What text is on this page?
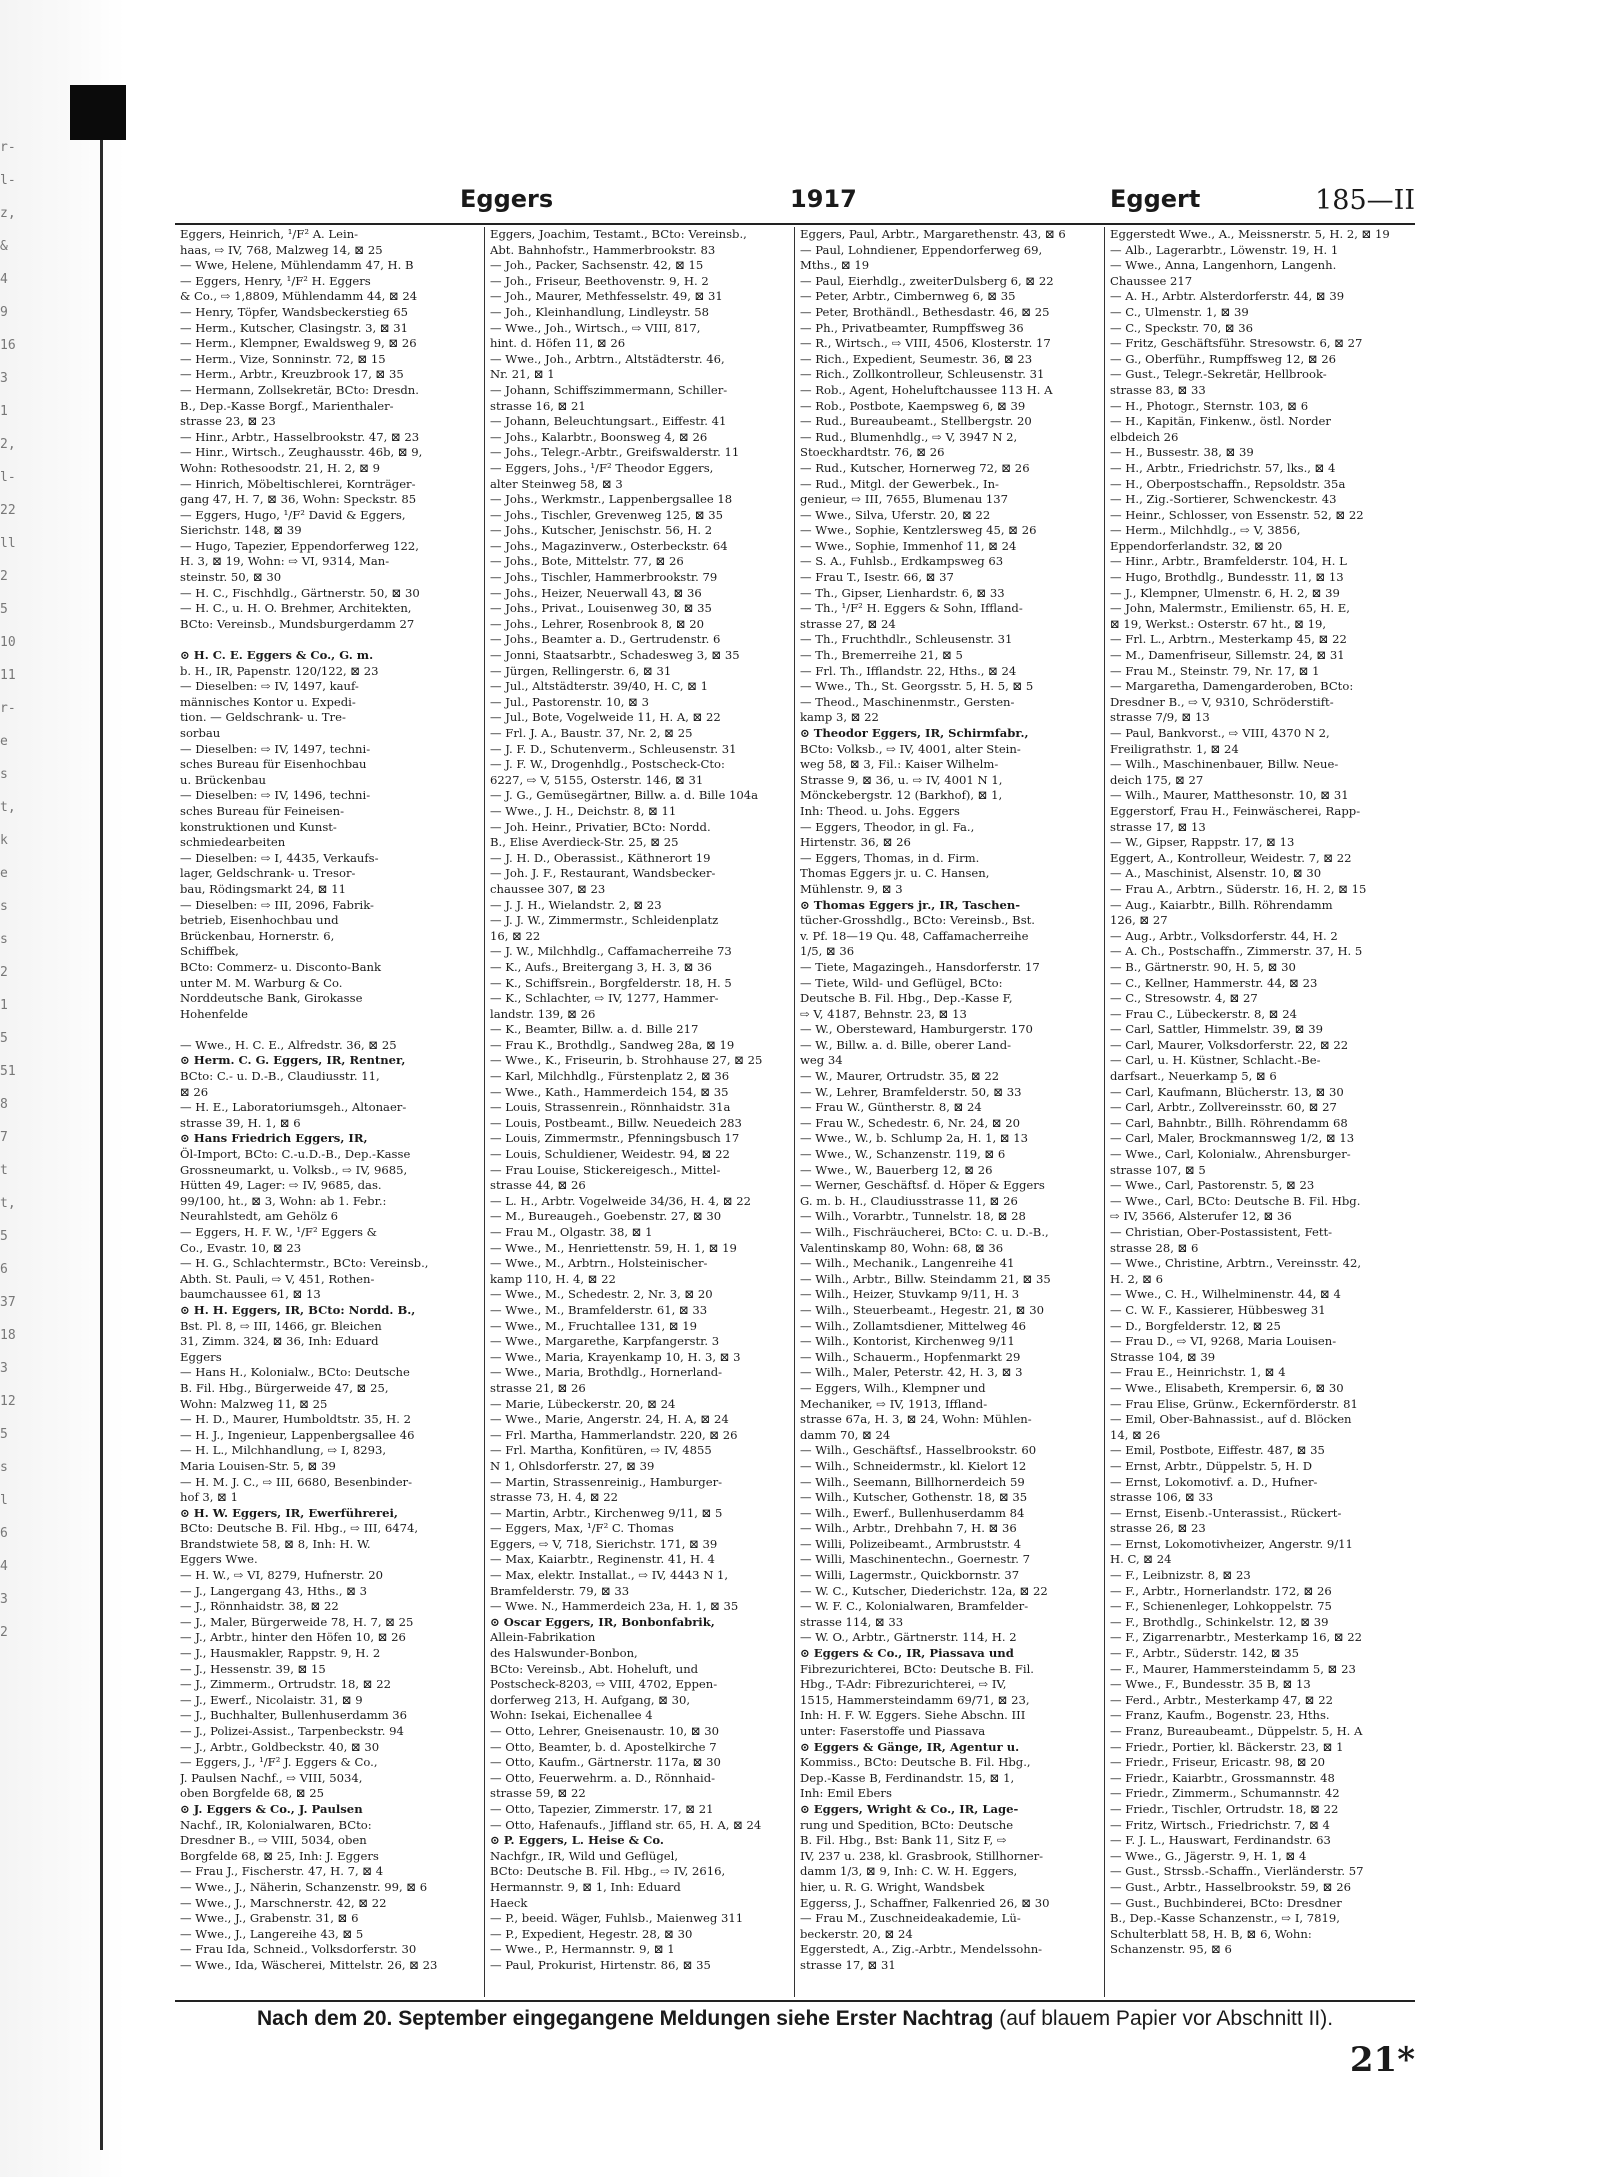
r-
l-
z,
&
4
9
16
3
1
2,
l-
22
ll
2
5
10
11
r-
e
s
t,
k
e
s
s
2
1
5
51
8
7
t
t,
5
6
37
18
3
12
5
s
l
6
4
3
2
Eggers	1917	Eggert	185—II
Eggers, Heinrich, ¹/F² A. Lein-
haas, ⇨ IV, 768, Malzweg 14, ⊠ 25
— Wwe, Helene, Mühlendamm 47, H. B
— Eggers, Henry, ¹/F² H. Eggers
& Co., ⇨ 1,8809, Mühlendamm 44, ⊠ 24
— Henry, Töpfer, Wandsbeckerstieg 65
— Herm., Kutscher, Clasingstr. 3, ⊠ 31
— Herm., Klempner, Ewaldsweg 9, ⊠ 26
— Herm., Vize, Sonninstr. 72, ⊠ 15
— Herm., Arbtr., Kreuzbrook 17, ⊠ 35
— Hermann, Zollsekretär, BCto: Dresdn.
B., Dep.-Kasse Borgf., Marienthaler-
strasse 23, ⊠ 23
— Hinr., Arbtr., Hasselbrookstr. 47, ⊠ 23
— Hinr., Wirtsch., Zeughausstr. 46b, ⊠ 9,
Wohn: Rothesoodstr. 21, H. 2, ⊠ 9
— Hinrich, Möbeltischlerei, Kornträger-
gang 47, H. 7, ⊠ 36, Wohn: Speckstr. 85
— Eggers, Hugo, ¹/F² David & Eggers,
Sierichstr. 148, ⊠ 39
— Hugo, Tapezier, Eppendorferweg 122,
H. 3, ⊠ 19, Wohn: ⇨ VI, 9314, Man-
steinstr. 50, ⊠ 30
— H. C., Fischhdlg., Gärtnerstr. 50, ⊠ 30
— H. C., u. H. O. Brehmer, Architekten,
BCto: Vereinsb., Mundsburgerdamm 27

⊙ H. C. E. Eggers & Co., G. m.
b. H., IR, Papenstr. 120/122, ⊠ 23
— Dieselben: ⇨ IV, 1497, kauf-
männisches Kontor u. Expedi-
tion. — Geldschrank- u. Tre-
sorbau
— Dieselben: ⇨ IV, 1497, techni-
sches Bureau für Eisenhochbau
u. Brückenbau
— Dieselben: ⇨ IV, 1496, techni-
sches Bureau für Feineisen-
konstruktionen und Kunst-
schmiedearbeiten
— Dieselben: ⇨ I, 4435, Verkaufs-
lager, Geldschrank- u. Tresor-
bau, Rödingsmarkt 24, ⊠ 11
— Dieselben: ⇨ III, 2096, Fabrik-
betrieb, Eisenhochbau und
Brückenbau, Hornerstr. 6,
Schiffbek,
BCto: Commerz- u. Disconto-Bank
unter M. M. Warburg & Co.
Norddeutsche Bank, Girokasse
Hohenfelde

— Wwe., H. C. E., Alfredstr. 36, ⊠ 25
⊙ Herm. C. G. Eggers, IR, Rentner,
BCto: C.- u. D.-B., Claudiusstr. 11,
⊠ 26
— H. E., Laboratoriumsgeh., Altonaer-
strasse 39, H. 1, ⊠ 6
⊙ Hans Friedrich Eggers, IR,
Öl-Import, BCto: C.-u.D.-B., Dep.-Kasse
Grossneumarkt, u. Volksb., ⇨ IV, 9685,
Hütten 49, Lager: ⇨ IV, 9685, das.
99/100, ht., ⊠ 3, Wohn: ab 1. Febr.:
Neurahlstedt, am Gehölz 6
— Eggers, H. F. W., ¹/F² Eggers &
Co., Evastr. 10, ⊠ 23
— H. G., Schlachtermstr., BCto: Vereinsb.,
Abth. St. Pauli, ⇨ V, 451, Rothen-
baumchaussee 61, ⊠ 13
⊙ H. H. Eggers, IR, BCto: Nordd. B.,
Bst. Pl. 8, ⇨ III, 1466, gr. Bleichen
31, Zimm. 324, ⊠ 36, Inh: Eduard
Eggers
— Hans H., Kolonialw., BCto: Deutsche
B. Fil. Hbg., Bürgerweide 47, ⊠ 25,
Wohn: Malzweg 11, ⊠ 25
— H. D., Maurer, Humboldtstr. 35, H. 2
— H. J., Ingenieur, Lappenbergsallee 46
— H. L., Milchhandlung, ⇨ I, 8293,
Maria Louisen-Str. 5, ⊠ 39
— H. M. J. C., ⇨ III, 6680, Besenbinder-
hof 3, ⊠ 1
⊙ H. W. Eggers, IR, Ewerführerei,
BCto: Deutsche B. Fil. Hbg., ⇨ III, 6474,
Brandstwiete 58, ⊠ 8, Inh: H. W.
Eggers Wwe.
— H. W., ⇨ VI, 8279, Hufnerstr. 20
— J., Langergang 43, Hths., ⊠ 3
— J., Rönnhaidstr. 38, ⊠ 22
— J., Maler, Bürgerweide 78, H. 7, ⊠ 25
— J., Arbtr., hinter den Höfen 10, ⊠ 26
— J., Hausmakler, Rappstr. 9, H. 2
— J., Hessenstr. 39, ⊠ 15
— J., Zimmerm., Ortrudstr. 18, ⊠ 22
— J., Ewerf., Nicolaistr. 31, ⊠ 9
— J., Buchhalter, Bullenhuserdamm 36
— J., Polizei-Assist., Tarpenbeckstr. 94
— J., Arbtr., Goldbeckstr. 40, ⊠ 30
— Eggers, J., ¹/F² J. Eggers & Co.,
J. Paulsen Nachf., ⇨ VIII, 5034,
oben Borgfelde 68, ⊠ 25
⊙ J. Eggers & Co., J. Paulsen
Nachf., IR, Kolonialwaren, BCto:
Dresdner B., ⇨ VIII, 5034, oben
Borgfelde 68, ⊠ 25, Inh: J. Eggers
— Frau J., Fischerstr. 47, H. 7, ⊠ 4
— Wwe., J., Näherin, Schanzenstr. 99, ⊠ 6
— Wwe., J., Marschnerstr. 42, ⊠ 22
— Wwe., J., Grabenstr. 31, ⊠ 6
— Wwe., J., Langereihe 43, ⊠ 5
— Frau Ida, Schneid., Volksdorferstr. 30
— Wwe., Ida, Wäscherei, Mittelstr. 26, ⊠ 23
Eggers, Joachim, Testamt., BCto: Vereinsb.,
Abt. Bahnhofstr., Hammerbrookstr. 83
— Joh., Packer, Sachsenstr. 42, ⊠ 15
— Joh., Friseur, Beethovenstr. 9, H. 2
— Joh., Maurer, Methfesselstr. 49, ⊠ 31
— Joh., Kleinhandlung, Lindleystr. 58
— Wwe., Joh., Wirtsch., ⇨ VIII, 817,
hint. d. Höfen 11, ⊠ 26
— Wwe., Joh., Arbtrn., Altstädterstr. 46,
Nr. 21, ⊠ 1
— Johann, Schiffszimmermann, Schiller-
strasse 16, ⊠ 21
— Johann, Beleuchtungsart., Eiffestr. 41
— Johs., Kalarbtr., Boonsweg 4, ⊠ 26
— Johs., Telegr.-Arbtr., Greifswalderstr. 11
— Eggers, Johs., ¹/F² Theodor Eggers,
alter Steinweg 58, ⊠ 3
— Johs., Werkmstr., Lappenbergsallee 18
— Johs., Tischler, Grevenweg 125, ⊠ 35
— Johs., Kutscher, Jenischstr. 56, H. 2
— Johs., Magazinverw., Osterbeckstr. 64
— Johs., Bote, Mittelstr. 77, ⊠ 26
— Johs., Tischler, Hammerbrookstr. 79
— Johs., Heizer, Neuerwall 43, ⊠ 36
— Johs., Privat., Louisenweg 30, ⊠ 35
— Johs., Lehrer, Rosenbrook 8, ⊠ 20
— Johs., Beamter a. D., Gertrudenstr. 6
— Jonni, Staatsarbtr., Schadesweg 3, ⊠ 35
— Jürgen, Rellingerstr. 6, ⊠ 31
— Jul., Altstädterstr. 39/40, H. C, ⊠ 1
— Jul., Pastorenstr. 10, ⊠ 3
— Jul., Bote, Vogelweide 11, H. A, ⊠ 22
— Frl. J. A., Baustr. 37, Nr. 2, ⊠ 25
— J. F. D., Schutenverm., Schleusenstr. 31
— J. F. W., Drogenhdlg., Postscheck-Cto:
6227, ⇨ V, 5155, Osterstr. 146, ⊠ 31
— J. G., Gemüsegärtner, Billw. a. d. Bille 104a
— Wwe., J. H., Deichstr. 8, ⊠ 11
— Joh. Heinr., Privatier, BCto: Nordd.
B., Elise Averdieck-Str. 25, ⊠ 25
— J. H. D., Oberassist., Käthnerort 19
— Joh. J. F., Restaurant, Wandsbecker-
chaussee 307, ⊠ 23
— J. J. H., Wielandstr. 2, ⊠ 23
— J. J. W., Zimmermstr., Schleidenplatz
16, ⊠ 22
— J. W., Milchhdlg., Caffamacherreihe 73
— K., Aufs., Breitergang 3, H. 3, ⊠ 36
— K., Schiffsrein., Borgfelderstr. 18, H. 5
— K., Schlachter, ⇨ IV, 1277, Hammer-
landstr. 139, ⊠ 26
— K., Beamter, Billw. a. d. Bille 217
— Frau K., Brothdlg., Sandweg 28a, ⊠ 19
— Wwe., K., Friseurin, b. Strohhause 27, ⊠ 25
— Karl, Milchhdlg., Fürstenplatz 2, ⊠ 36
— Wwe., Kath., Hammerdeich 154, ⊠ 35
— Louis, Strassenrein., Rönnhaidstr. 31a
— Louis, Postbeamt., Billw. Neuedeich 283
— Louis, Zimmermstr., Pfenningsbusch 17
— Louis, Schuldiener, Weidestr. 94, ⊠ 22
— Frau Louise, Stickereigesch., Mittel-
strasse 44, ⊠ 26
— L. H., Arbtr. Vogelweide 34/36, H. 4, ⊠ 22
— M., Bureaugeh., Goebenstr. 27, ⊠ 30
— Frau M., Olgastr. 38, ⊠ 1
— Wwe., M., Henriettenstr. 59, H. 1, ⊠ 19
— Wwe., M., Arbtrn., Holsteinischer-
kamp 110, H. 4, ⊠ 22
— Wwe., M., Schedestr. 2, Nr. 3, ⊠ 20
— Wwe., M., Bramfelderstr. 61, ⊠ 33
— Wwe., M., Fruchtallee 131, ⊠ 19
— Wwe., Margarethe, Karpfangerstr. 3
— Wwe., Maria, Krayenkamp 10, H. 3, ⊠ 3
— Wwe., Maria, Brothdlg., Hornerland-
strasse 21, ⊠ 26
— Marie, Lübeckerstr. 20, ⊠ 24
— Wwe., Marie, Angerstr. 24, H. A, ⊠ 24
— Frl. Martha, Hammerlandstr. 220, ⊠ 26
— Frl. Martha, Konfitüren, ⇨ IV, 4855
N 1, Ohlsdorferstr. 27, ⊠ 39
— Martin, Strassenreinig., Hamburger-
strasse 73, H. 4, ⊠ 22
— Martin, Arbtr., Kirchenweg 9/11, ⊠ 5
— Eggers, Max, ¹/F² C. Thomas
Eggers, ⇨ V, 718, Sierichstr. 171, ⊠ 39
— Max, Kaiarbtr., Reginenstr. 41, H. 4
— Max, elektr. Installat., ⇨ IV, 4443 N 1,
Bramfelderstr. 79, ⊠ 33
— Wwe. N., Hammerdeich 23a, H. 1, ⊠ 35
⊙ Oscar Eggers, IR, Bonbonfabrik,
Allein-Fabrikation
des Halswunder-Bonbon,
BCto: Vereinsb., Abt. Hoheluft, und
Postscheck-8203, ⇨ VIII, 4702, Eppen-
dorferweg 213, H. Aufgang, ⊠ 30,
Wohn: Isekai, Eichenallee 4
— Otto, Lehrer, Gneisenaustr. 10, ⊠ 30
— Otto, Beamter, b. d. Apostelkirche 7
— Otto, Kaufm., Gärtnerstr. 117a, ⊠ 30
— Otto, Feuerwehrm. a. D., Rönnhaid-
strasse 59, ⊠ 22
— Otto, Tapezier, Zimmerstr. 17, ⊠ 21
— Otto, Hafenaufs., Jiffland str. 65, H. A, ⊠ 24
⊙ P. Eggers, L. Heise & Co.
Nachfgr., IR, Wild und Geflügel,
BCto: Deutsche B. Fil. Hbg., ⇨ IV, 2616,
Hermannstr. 9, ⊠ 1, Inh: Eduard
Haeck
— P., beeid. Wäger, Fuhlsb., Maienweg 311
— P., Expedient, Hegestr. 28, ⊠ 30
— Wwe., P., Hermannstr. 9, ⊠ 1
— Paul, Prokurist, Hirtenstr. 86, ⊠ 35
Eggers, Paul, Arbtr., Margarethenstr. 43, ⊠ 6
— Paul, Lohndiener, Eppendorferweg 69,
Mths., ⊠ 19
— Paul, Eierhdlg., zweiterDulsberg 6, ⊠ 22
— Peter, Arbtr., Cimbernweg 6, ⊠ 35
— Peter, Brothändl., Bethesdastr. 46, ⊠ 25
— Ph., Privatbeamter, Rumpffsweg 36
— R., Wirtsch., ⇨ VIII, 4506, Klosterstr. 17
— Rich., Expedient, Seumestr. 36, ⊠ 23
— Rich., Zollkontrolleur, Schleusenstr. 31
— Rob., Agent, Hoheluftchaussee 113 H. A
— Rob., Postbote, Kaempsweg 6, ⊠ 39
— Rud., Bureaubeamt., Stellbergstr. 20
— Rud., Blumenhdlg., ⇨ V, 3947 N 2,
Stoeckhardtstr. 76, ⊠ 26
— Rud., Kutscher, Hornerweg 72, ⊠ 26
— Rud., Mitgl. der Gewerbek., In-
genieur, ⇨ III, 7655, Blumenau 137
— Wwe., Silva, Uferstr. 20, ⊠ 22
— Wwe., Sophie, Kentzlersweg 45, ⊠ 26
— Wwe., Sophie, Immenhof 11, ⊠ 24
— S. A., Fuhlsb., Erdkampsweg 63
— Frau T., Isestr. 66, ⊠ 37
— Th., Gipser, Lienhardstr. 6, ⊠ 33
— Th., ¹/F² H. Eggers & Sohn, Iffland-
strasse 27, ⊠ 24
— Th., Fruchthdlr., Schleusenstr. 31
— Th., Bremerreihe 21, ⊠ 5
— Frl. Th., Ifflandstr. 22, Hths., ⊠ 24
— Wwe., Th., St. Georgsstr. 5, H. 5, ⊠ 5
— Theod., Maschinenmstr., Gersten-
kamp 3, ⊠ 22
⊙ Theodor Eggers, IR, Schirmfabr.,
BCto: Volksb., ⇨ IV, 4001, alter Stein-
weg 58, ⊠ 3, Fil.: Kaiser Wilhelm-
Strasse 9, ⊠ 36, u. ⇨ IV, 4001 N 1,
Mönckebergstr. 12 (Barkhof), ⊠ 1,
Inh: Theod. u. Johs. Eggers
— Eggers, Theodor, in gl. Fa.,
Hirtenstr. 36, ⊠ 26
— Eggers, Thomas, in d. Firm.
Thomas Eggers jr. u. C. Hansen,
Mühlenstr. 9, ⊠ 3
⊙ Thomas Eggers jr., IR, Taschen-
tücher-Grosshdlg., BCto: Vereinsb., Bst.
v. Pf. 18—19 Qu. 48, Caffamacherreihe
1/5, ⊠ 36
— Tiete, Magazingeh., Hansdorferstr. 17
— Tiete, Wild- und Geflügel, BCto:
Deutsche B. Fil. Hbg., Dep.-Kasse F,
⇨ V, 4187, Behnstr. 23, ⊠ 13
— W., Obersteward, Hamburgerstr. 170
— W., Billw. a. d. Bille, oberer Land-
weg 34
— W., Maurer, Ortrudstr. 35, ⊠ 22
— W., Lehrer, Bramfelderstr. 50, ⊠ 33
— Frau W., Güntherstr. 8, ⊠ 24
— Frau W., Schedestr. 6, Nr. 24, ⊠ 20
— Wwe., W., b. Schlump 2a, H. 1, ⊠ 13
— Wwe., W., Schanzenstr. 119, ⊠ 6
— Wwe., W., Bauerberg 12, ⊠ 26
— Werner, Geschäftsf. d. Höper & Eggers
G. m. b. H., Claudiusstrasse 11, ⊠ 26
— Wilh., Vorarbtr., Tunnelstr. 18, ⊠ 28
— Wilh., Fischräucherei, BCto: C. u. D.-B.,
Valentinskamp 80, Wohn: 68, ⊠ 36
— Wilh., Mechanik., Langenreihe 41
— Wilh., Arbtr., Billw. Steindamm 21, ⊠ 35
— Wilh., Heizer, Stuvkamp 9/11, H. 3
— Wilh., Steuerbeamt., Hegestr. 21, ⊠ 30
— Wilh., Zollamtsdiener, Mittelweg 46
— Wilh., Kontorist, Kirchenweg 9/11
— Wilh., Schauerm., Hopfenmarkt 29
— Wilh., Maler, Peterstr. 42, H. 3, ⊠ 3
— Eggers, Wilh., Klempner und
Mechaniker, ⇨ IV, 1913, Iffland-
strasse 67a, H. 3, ⊠ 24, Wohn: Mühlen-
damm 70, ⊠ 24
— Wilh., Geschäftsf., Hasselbrookstr. 60
— Wilh., Schneidermstr., kl. Kielort 12
— Wilh., Seemann, Billhornerdeich 59
— Wilh., Kutscher, Gothenstr. 18, ⊠ 35
— Wilh., Ewerf., Bullenhuserdamm 84
— Wilh., Arbtr., Drehbahn 7, H. ⊠ 36
— Willi, Polizeibeamt., Armbruststr. 4
— Willi, Maschinentechn., Goernestr. 7
— Willi, Lagermstr., Quickbornstr. 37
— W. C., Kutscher, Diederichstr. 12a, ⊠ 22
— W. F. C., Kolonialwaren, Bramfelder-
strasse 114, ⊠ 33
— W. O., Arbtr., Gärtnerstr. 114, H. 2
⊙ Eggers & Co., IR, Piassava und
Fibrezurichterei, BCto: Deutsche B. Fil.
Hbg., T-Adr: Fibrezurichterei, ⇨ IV,
1515, Hammersteindamm 69/71, ⊠ 23,
Inh: H. F. W. Eggers. Siehe Abschn. III
unter: Faserstoffe und Piassava
⊙ Eggers & Gänge, IR, Agentur u.
Kommiss., BCto: Deutsche B. Fil. Hbg.,
Dep.-Kasse B, Ferdinandstr. 15, ⊠ 1,
Inh: Emil Ebers
⊙ Eggers, Wright & Co., IR, Lage-
rung und Spedition, BCto: Deutsche
B. Fil. Hbg., Bst: Bank 11, Sitz F, ⇨
IV, 237 u. 238, kl. Grasbrook, Stillhorner-
damm 1/3, ⊠ 9, Inh: C. W. H. Eggers,
hier, u. R. G. Wright, Wandsbek
Eggerss, J., Schaffner, Falkenried 26, ⊠ 30
— Frau M., Zuschneideakademie, Lü-
beckerstr. 20, ⊠ 24
Eggerstedt, A., Zig.-Arbtr., Mendelssohn-
strasse 17, ⊠ 31
Eggerstedt Wwe., A., Meissnerstr. 5, H. 2, ⊠ 19
— Alb., Lagerarbtr., Löwenstr. 19, H. 1
— Wwe., Anna, Langenhorn, Langenh.
Chaussee 217
— A. H., Arbtr. Alsterdorferstr. 44, ⊠ 39
— C., Ulmenstr. 1, ⊠ 39
— C., Speckstr. 70, ⊠ 36
— Fritz, Geschäftsführ. Stresowstr. 6, ⊠ 27
— G., Oberführ., Rumpffsweg 12, ⊠ 26
— Gust., Telegr.-Sekretär, Hellbrook-
strasse 83, ⊠ 33
— H., Photogr., Sternstr. 103, ⊠ 6
— H., Kapitän, Finkenw., östl. Norder
elbdeich 26
— H., Bussestr. 38, ⊠ 39
— H., Arbtr., Friedrichstr. 57, lks., ⊠ 4
— H., Oberpostschaffn., Repsoldstr. 35a
— H., Zig.-Sortierer, Schwenckestr. 43
— Heinr., Schlosser, von Essenstr. 52, ⊠ 22
— Herm., Milchhdlg., ⇨ V, 3856,
Eppendorferlandstr. 32, ⊠ 20
— Hinr., Arbtr., Bramfelderstr. 104, H. L
— Hugo, Brothdlg., Bundesstr. 11, ⊠ 13
— J., Klempner, Ulmenstr. 6, H. 2, ⊠ 39
— John, Malermstr., Emilienstr. 65, H. E,
⊠ 19, Werkst.: Osterstr. 67 ht., ⊠ 19,
— Frl. L., Arbtrn., Mesterkamp 45, ⊠ 22
— M., Damenfriseur, Sillemstr. 24, ⊠ 31
— Frau M., Steinstr. 79, Nr. 17, ⊠ 1
— Margaretha, Damengarderoben, BCto:
Dresdner B., ⇨ V, 9310, Schröderstift-
strasse 7/9, ⊠ 13
— Paul, Bankvorst., ⇨ VIII, 4370 N 2,
Freiligrathstr. 1, ⊠ 24
— Wilh., Maschinenbauer, Billw. Neue-
deich 175, ⊠ 27
— Wilh., Maurer, Matthesonstr. 10, ⊠ 31
Eggerstorf, Frau H., Feinwäscherei, Rapp-
strasse 17, ⊠ 13
— W., Gipser, Rappstr. 17, ⊠ 13
Eggert, A., Kontrolleur, Weidestr. 7, ⊠ 22
— A., Maschinist, Alsenstr. 10, ⊠ 30
— Frau A., Arbtrn., Süderstr. 16, H. 2, ⊠ 15
— Aug., Kaiarbtr., Billh. Röhrendamm
126, ⊠ 27
— Aug., Arbtr., Volksdorferstr. 44, H. 2
— A. Ch., Postschaffn., Zimmerstr. 37, H. 5
— B., Gärtnerstr. 90, H. 5, ⊠ 30
— C., Kellner, Hammerstr. 44, ⊠ 23
— C., Stresowstr. 4, ⊠ 27
— Frau C., Lübeckerstr. 8, ⊠ 24
— Carl, Sattler, Himmelstr. 39, ⊠ 39
— Carl, Maurer, Volksdorferstr. 22, ⊠ 22
— Carl, u. H. Küstner, Schlacht.-Be-
darfsart., Neuerkamp 5, ⊠ 6
— Carl, Kaufmann, Blücherstr. 13, ⊠ 30
— Carl, Arbtr., Zollvereinsstr. 60, ⊠ 27
— Carl, Bahnbtr., Billh. Röhrendamm 68
— Carl, Maler, Brockmannsweg 1/2, ⊠ 13
— Wwe., Carl, Kolonialw., Ahrensburger-
strasse 107, ⊠ 5
— Wwe., Carl, Pastorenstr. 5, ⊠ 23
— Wwe., Carl, BCto: Deutsche B. Fil. Hbg.
⇨ IV, 3566, Alsterufer 12, ⊠ 36
— Christian, Ober-Postassistent, Fett-
strasse 28, ⊠ 6
— Wwe., Christine, Arbtrn., Vereinsstr. 42,
H. 2, ⊠ 6
— Wwe., C. H., Wilhelminenstr. 44, ⊠ 4
— C. W. F., Kassierer, Hübbesweg 31
— D., Borgfelderstr. 12, ⊠ 25
— Frau D., ⇨ VI, 9268, Maria Louisen-
Strasse 104, ⊠ 39
— Frau E., Heinrichstr. 1, ⊠ 4
— Wwe., Elisabeth, Krempersir. 6, ⊠ 30
— Frau Elise, Grünw., Eckernförderstr. 81
— Emil, Ober-Bahnassist., auf d. Blöcken
14, ⊠ 26
— Emil, Postbote, Eiffestr. 487, ⊠ 35
— Ernst, Arbtr., Düppelstr. 5, H. D
— Ernst, Lokomotivf. a. D., Hufner-
strasse 106, ⊠ 33
— Ernst, Eisenb.-Unterassist., Rückert-
strasse 26, ⊠ 23
— Ernst, Lokomotivheizer, Angerstr. 9/11
H. C, ⊠ 24
— F., Leibnizstr. 8, ⊠ 23
— F., Arbtr., Hornerlandstr. 172, ⊠ 26
— F., Schienenleger, Lohkoppelstr. 75
— F., Brothdlg., Schinkelstr. 12, ⊠ 39
— F., Zigarrenarbtr., Mesterkamp 16, ⊠ 22
— F., Arbtr., Süderstr. 142, ⊠ 35
— F., Maurer, Hammersteindamm 5, ⊠ 23
— Wwe., F., Bundesstr. 35 B, ⊠ 13
— Ferd., Arbtr., Mesterkamp 47, ⊠ 22
— Franz, Kaufm., Bogenstr. 23, Hths.
— Franz, Bureaubeamt., Düppelstr. 5, H. A
— Friedr., Portier, kl. Bäckerstr. 23, ⊠ 1
— Friedr., Friseur, Ericastr. 98, ⊠ 20
— Friedr., Kaiarbtr., Grossmannstr. 48
— Friedr., Zimmerm., Schumannstr. 42
— Friedr., Tischler, Ortrudstr. 18, ⊠ 22
— Fritz, Wirtsch., Friedrichstr. 7, ⊠ 4
— F. J. L., Hauswart, Ferdinandstr. 63
— Wwe., G., Jägerstr. 9, H. 1, ⊠ 4
— Gust., Strssb.-Schaffn., Vierländerstr. 57
— Gust., Arbtr., Hasselbrookstr. 59, ⊠ 26
— Gust., Buchbinderei, BCto: Dresdner
B., Dep.-Kasse Schanzenstr., ⇨ I, 7819,
Schulterblatt 58, H. B, ⊠ 6, Wohn:
Schanzenstr. 95, ⊠ 6
Nach dem 20. September eingegangene Meldungen siehe Erster Nachtrag (auf blauem Papier vor Abschnitt II).
21*
